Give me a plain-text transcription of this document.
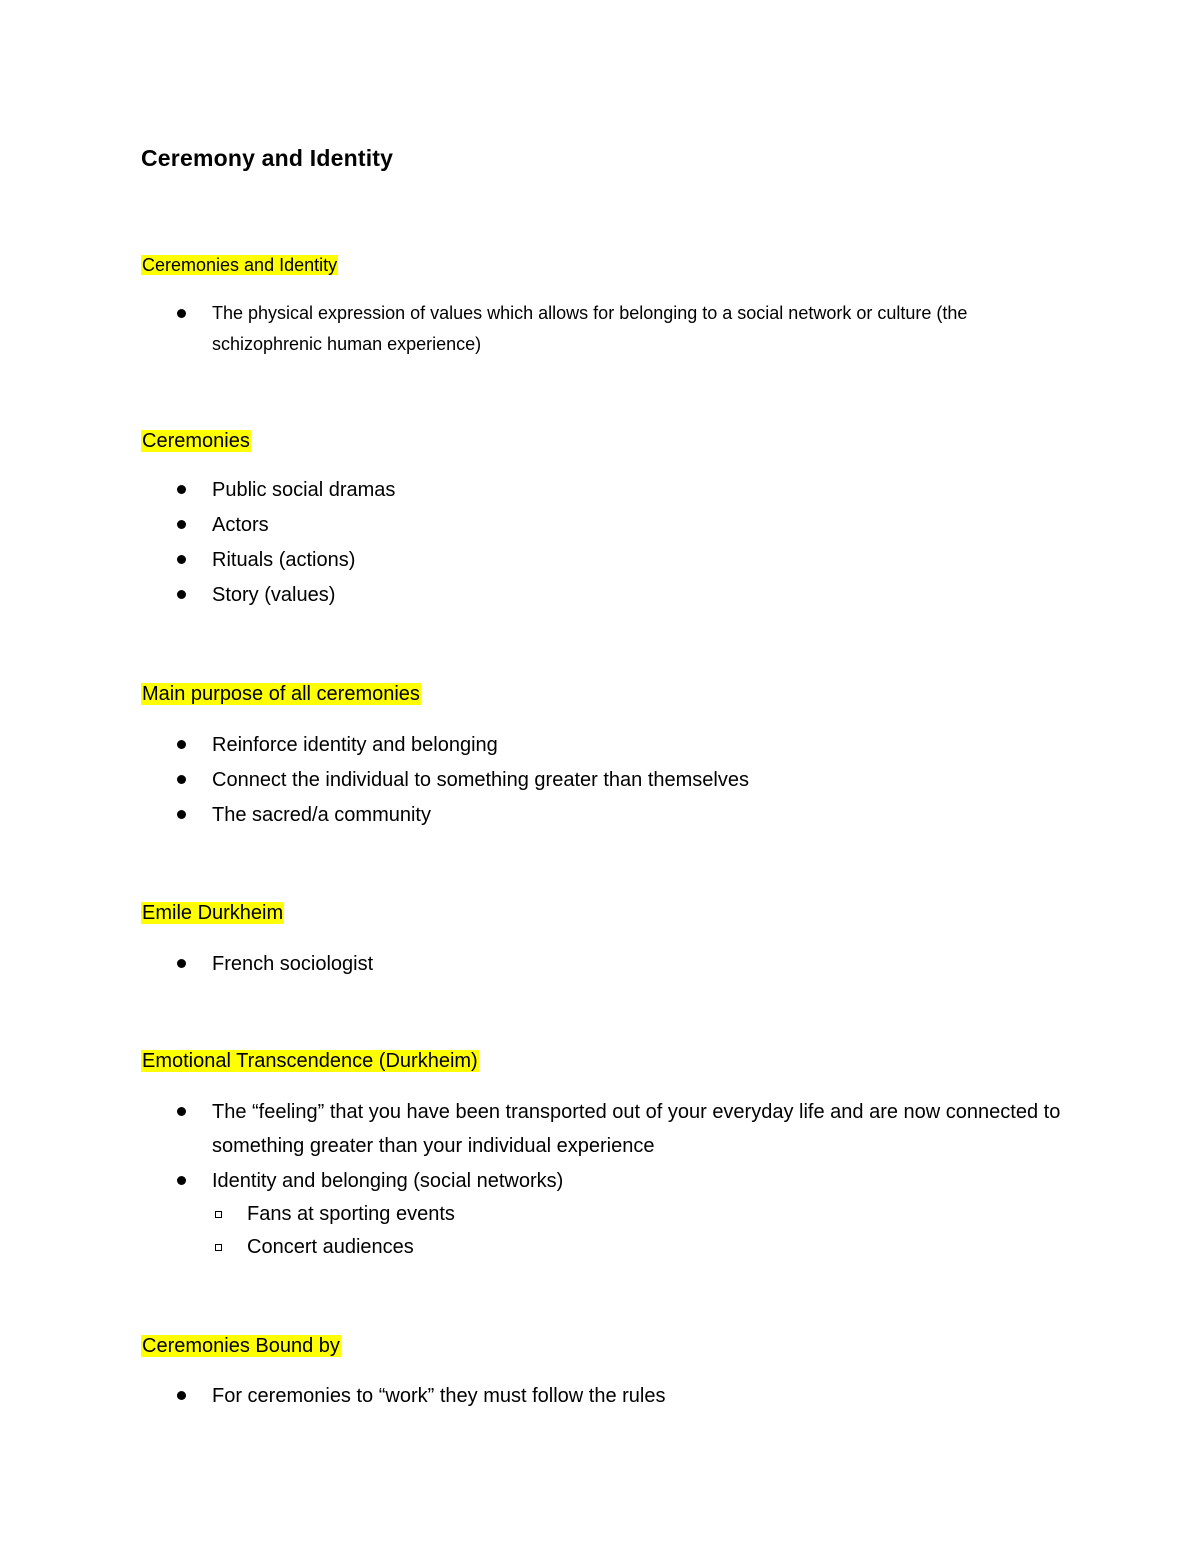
Ceremony and Identity
Ceremonies and Identity
The physical expression of values which allows for belonging to a social network or culture (the schizophrenic human experience)
Ceremonies
Public social dramas
Actors
Rituals (actions)
Story (values)
Main purpose of all ceremonies
Reinforce identity and belonging
Connect the individual to something greater than themselves
The sacred/a community
Emile Durkheim
French sociologist
Emotional Transcendence (Durkheim)
The “feeling” that you have been transported out of your everyday life and are now connected to something greater than your individual experience
Identity and belonging (social networks)
Fans at sporting events
Concert audiences
Ceremonies Bound by
For ceremonies to “work” they must follow the rules
